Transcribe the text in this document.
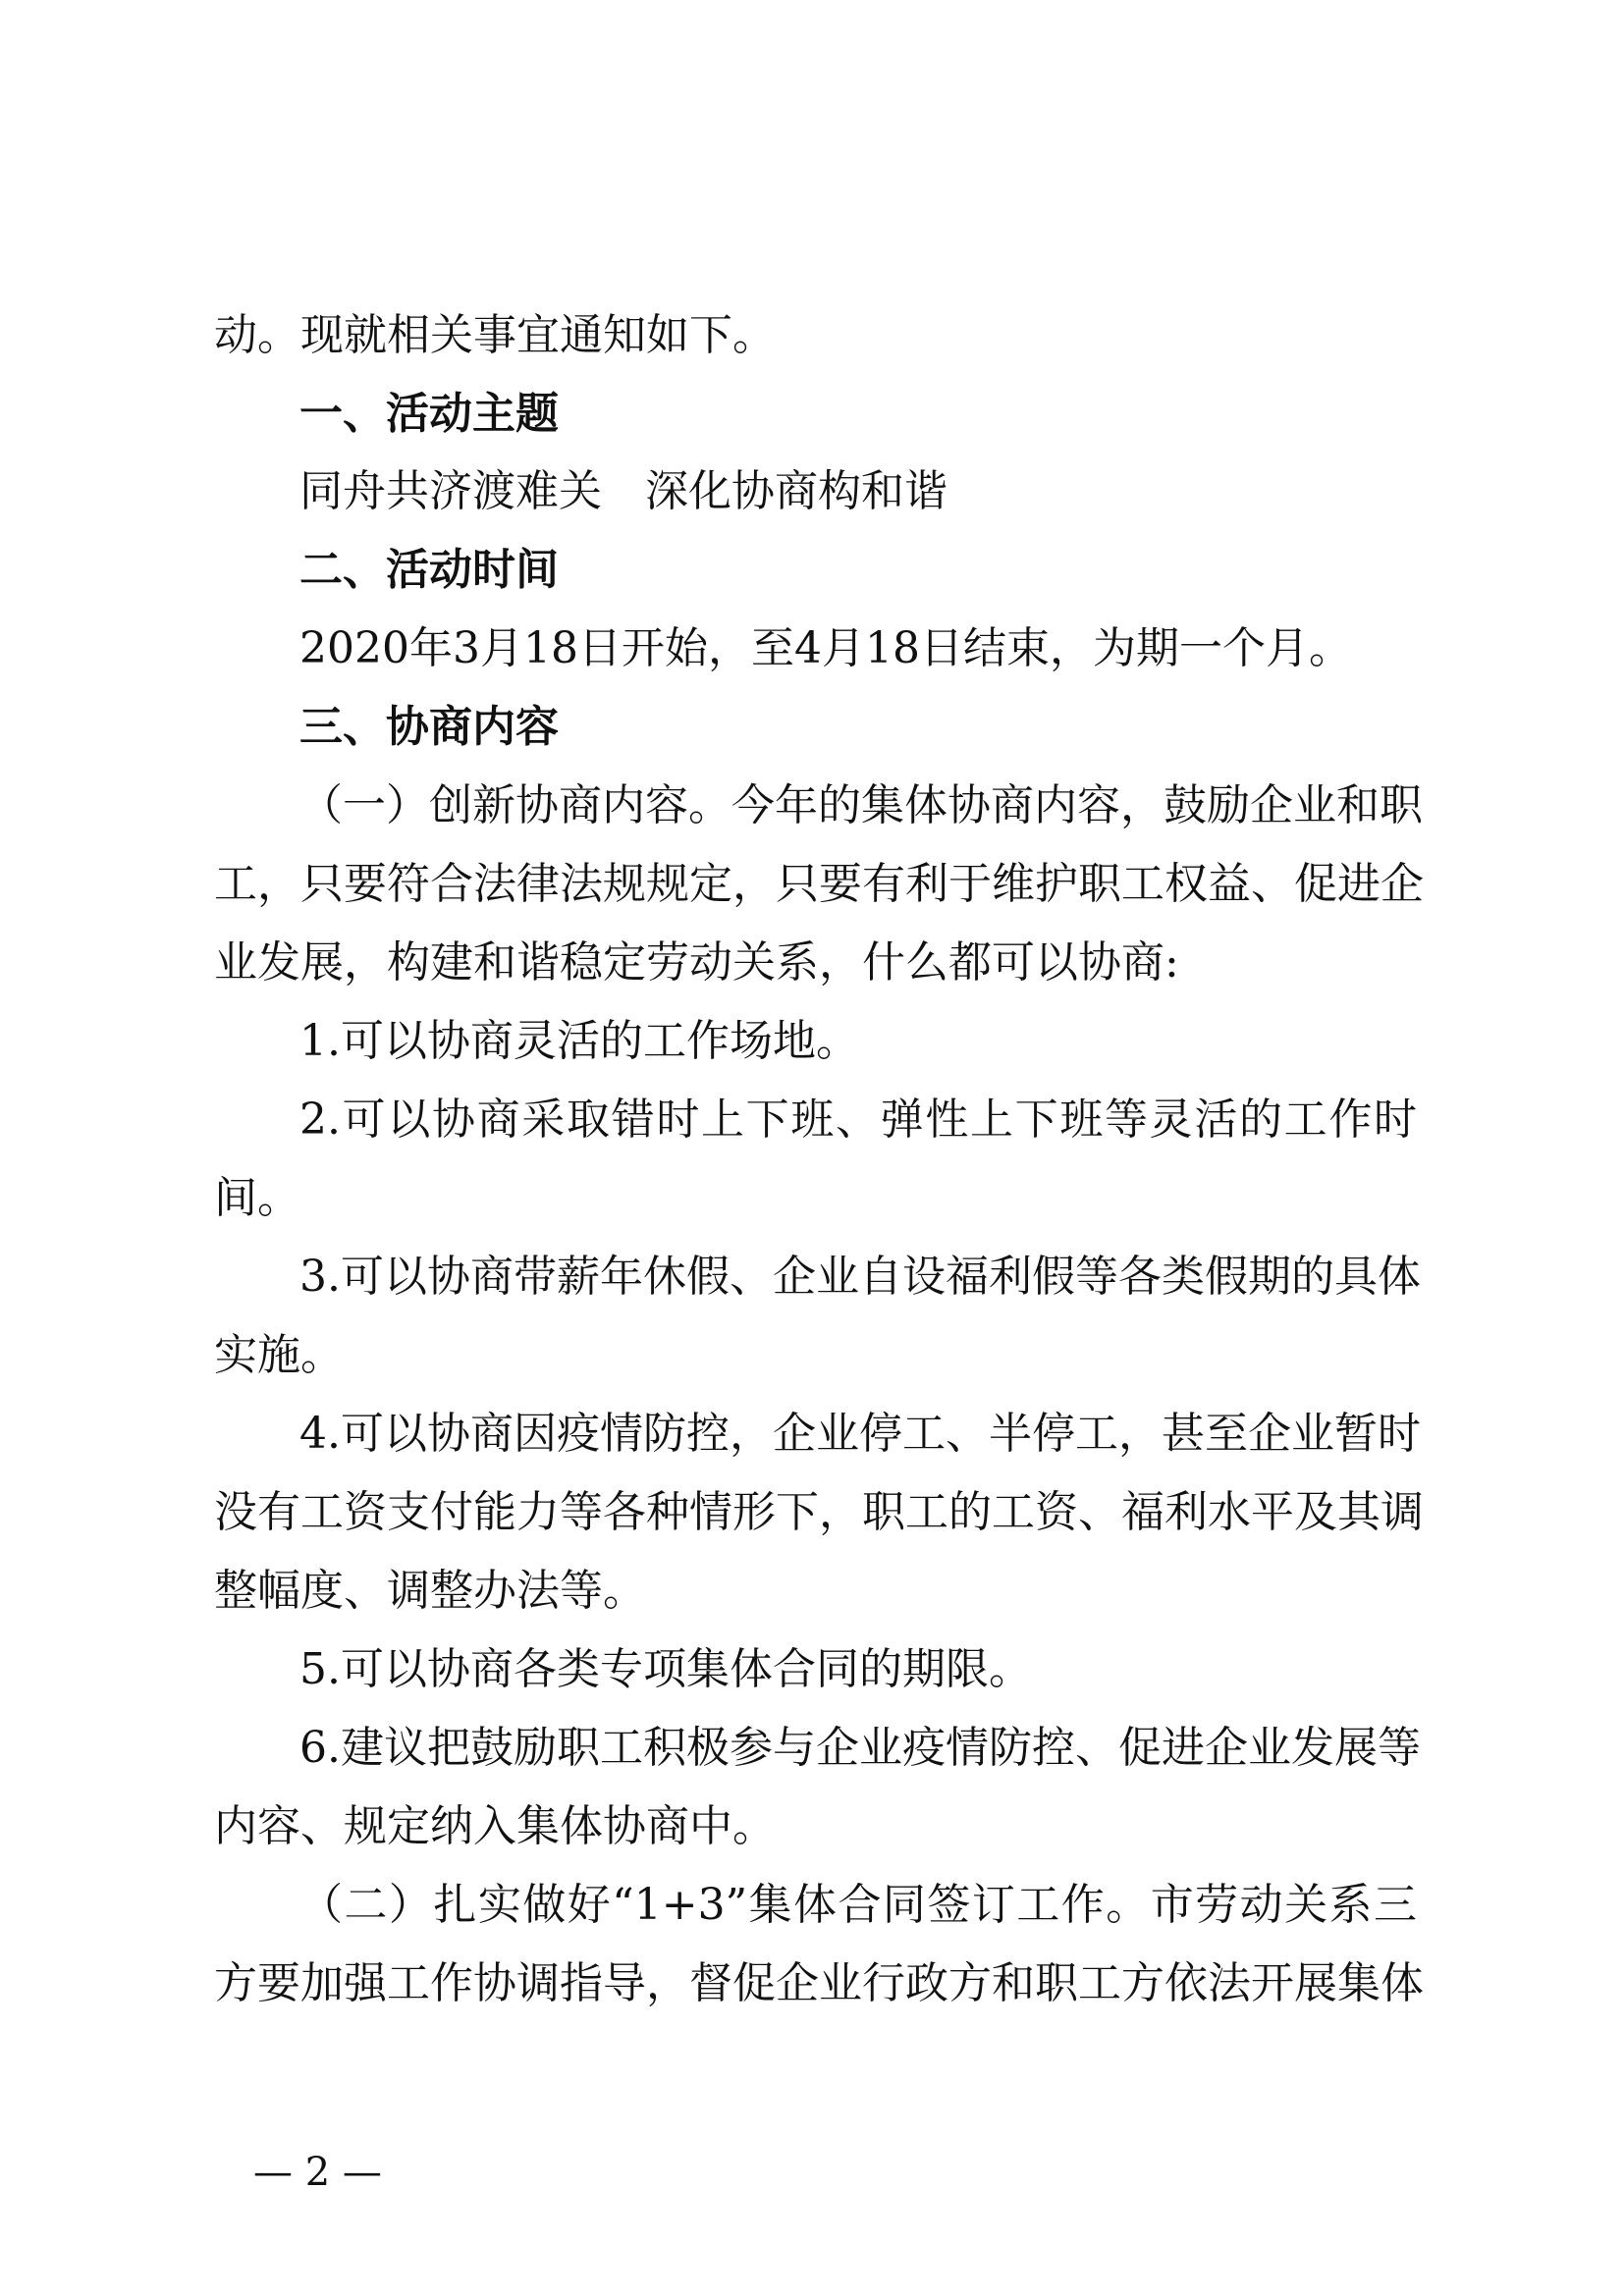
动。现就相关事宜通知如下。
一、活动主题
同舟共济渡难关　深化协商构和谐
二、活动时间
2020年3月18日开始，至4月18日结束，为期一个月。
三、协商内容
（一）创新协商内容。今年的集体协商内容，鼓励企业和职
工，只要符合法律法规规定，只要有利于维护职工权益、促进企
业发展，构建和谐稳定劳动关系，什么都可以协商:
1.可以协商灵活的工作场地。
2.可以协商采取错时上下班、弹性上下班等灵活的工作时
间。
3.可以协商带薪年休假、企业自设福利假等各类假期的具体
实施。
4.可以协商因疫情防控，企业停工、半停工，甚至企业暂时
没有工资支付能力等各种情形下，职工的工资、福利水平及其调
整幅度、调整办法等。
5.可以协商各类专项集体合同的期限。
6.建议把鼓励职工积极参与企业疫情防控、促进企业发展等
内容、规定纳入集体协商中。
（二）扎实做好“1+3”集体合同签订工作。市劳动关系三
方要加强工作协调指导，督促企业行政方和职工方依法开展集体
— 2 —
